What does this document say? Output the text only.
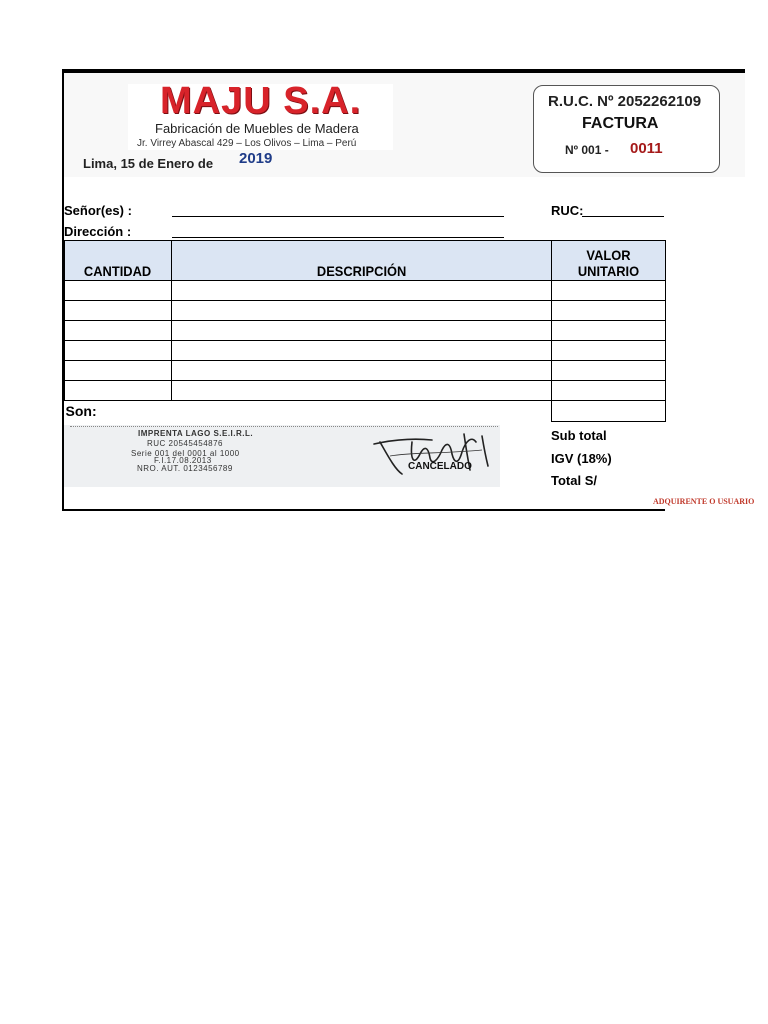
MAJU S.A.
Fabricación de Muebles de Madera
Jr. Virrey Abascal 429 – Los Olivos – Lima – Perú
Lima, 15 de Enero de 2019
R.U.C. Nº 2052262109
FACTURA
Nº 001 - 0011
Señor(es) :
Dirección :
RUC:
CANTIDAD	DESCRIPCIÓN	VALOR UNITARIO

Son:		
IMPRENTA LAGO S.E.I.R.L.
RUC 20545454876
Serie 001 del 0001 al 1000
F.I.17.08.2013
NRO. AUT. 0123456789	CANCELADO
Sub total
IGV (18%)
Total S/
ADQUIRENTE O USUARIO
